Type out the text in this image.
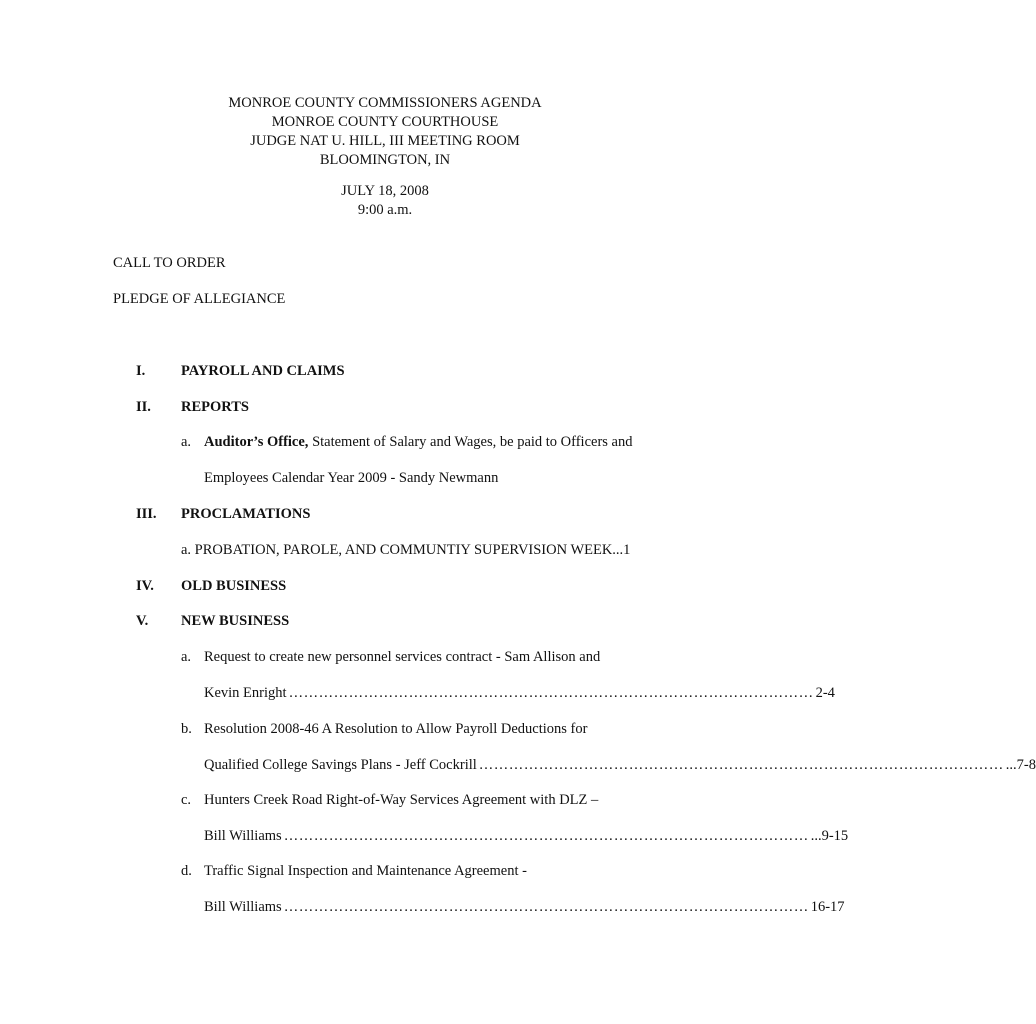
MONROE COUNTY COMMISSIONERS AGENDA
MONROE COUNTY COURTHOUSE
JUDGE NAT U. HILL, III MEETING ROOM
BLOOMINGTON, IN
JULY 18, 2008
9:00 a.m.
CALL TO ORDER
PLEDGE OF ALLEGIANCE
I. PAYROLL AND CLAIMS
II. REPORTS
a. Auditor’s Office, Statement of Salary and Wages, be paid to Officers and
Employees Calendar Year 2009 - Sandy Newmann
III. PROCLAMATIONS
a. PROBATION, PAROLE, AND COMMUNTIY SUPERVISION WEEK...1
IV. OLD BUSINESS
V. NEW BUSINESS
a. Request to create new personnel services contract - Sam Allison and
Kevin Enright …………………………………………………………………………………………… 2-4
b. Resolution 2008-46 A Resolution to Allow Payroll Deductions for
Qualified College Savings Plans - Jeff Cockrill …………………………………………………………………………………………… ...7-8
c. Hunters Creek Road Right-of-Way Services Agreement with DLZ –
Bill Williams …………………………………………………………………………………………… ...9-15
d. Traffic Signal Inspection and Maintenance Agreement -
Bill Williams …………………………………………………………………………………………… 16-17
